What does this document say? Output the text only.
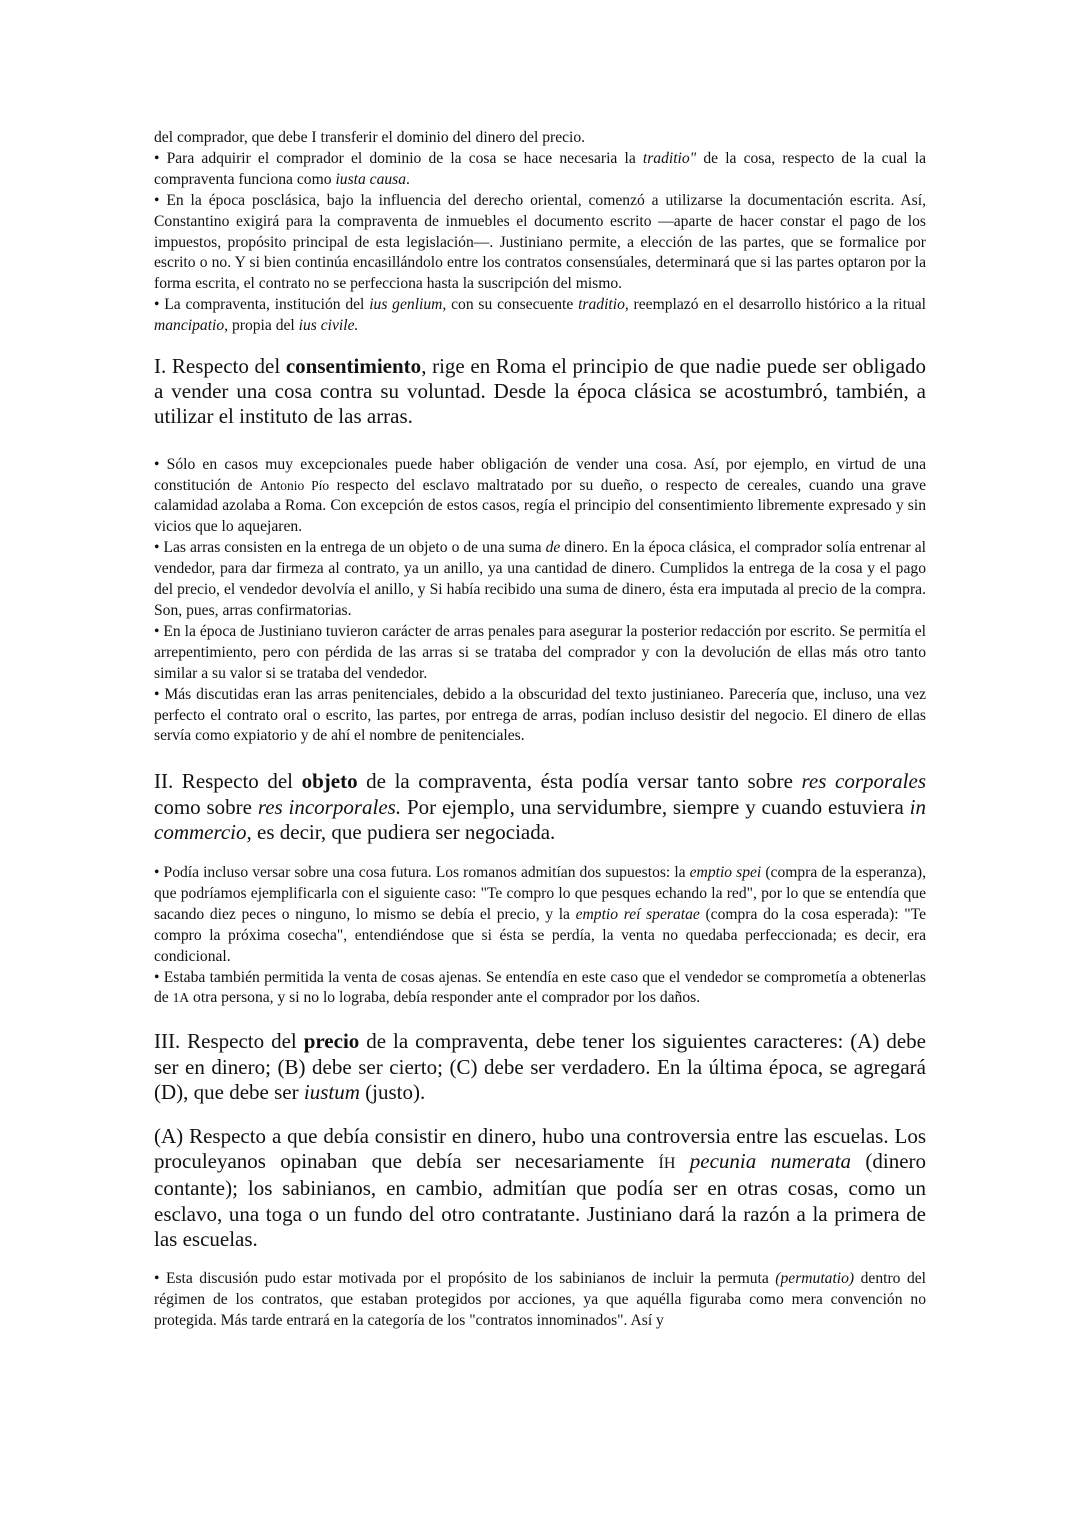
del comprador, que debe I transferir el dominio del dinero del precio.

• Para adquirir el comprador el dominio de la cosa se hace necesaria la traditio" de la cosa, respecto de la cual la compraventa funciona como iusta causa.

• En la época posclásica, bajo la influencia del derecho oriental, comenzó a utilizarse la documentación escrita. Así, Constantino exigirá para la compraventa de inmuebles el documento escrito —aparte de hacer constar el pago de los impuestos, propósito principal de esta legislación—. Justiniano permite, a elección de las partes, que se formalice por escrito o no. Y si bien continúa encasillándolo entre los contratos consensúales, determinará que si las partes optaron por la forma escrita, el contrato no se perfecciona hasta la suscripción del mismo.

• La compraventa, institución del ius genlium, con su consecuente traditio, reemplazó en el desarrollo histórico a la ritual mancipatio, propia del ius civile.

I. Respecto del consentimiento, rige en Roma el principio de que nadie puede ser obligado a vender una cosa contra su voluntad. Desde la época clásica se acostumbró, también, a utilizar el instituto de las arras.

• Sólo en casos muy excepcionales puede haber obligación de vender una cosa. Así, por ejemplo, en virtud de una constitución de Antonio Pío respecto del esclavo maltratado por su dueño, o respecto de cereales, cuando una grave calamidad azolaba a Roma. Con excepción de estos casos, regía el principio del consentimiento libremente expresado y sin vicios que lo aquejaren.

• Las arras consisten en la entrega de un objeto o de una suma de dinero. En la época clásica, el comprador solía entrenar al vendedor, para dar firmeza al contrato, ya un anillo, ya una cantidad de dinero. Cumplidos la entrega de la cosa y el pago del precio, el vendedor devolvía el anillo, y Si había recibido una suma de dinero, ésta era imputada al precio de la compra. Son, pues, arras confirmatorias.

• En la época de Justiniano tuvieron carácter de arras penales para asegurar la posterior redacción por escrito. Se permitía el arrepentimiento, pero con pérdida de las arras si se trataba del comprador y con la devolución de ellas más otro tanto similar a su valor si se trataba del vendedor.

• Más discutidas eran las arras penitenciales, debido a la obscuridad del texto justinianeo. Parecería que, incluso, una vez perfecto el contrato oral o escrito, las partes, por entrega de arras, podían incluso desistir del negocio. El dinero de ellas servía como expiatorio y de ahí el nombre de penitenciales.

II. Respecto del objeto de la compraventa, ésta podía versar tanto sobre res corporales como sobre res incorporales. Por ejemplo, una servidumbre, siempre y cuando estuviera in commercio, es decir, que pudiera ser negociada.

• Podía incluso versar sobre una cosa futura. Los romanos admitían dos supuestos: la emptio spei (compra de la esperanza), que podríamos ejemplificarla con el siguiente caso: "Te compro lo que pesques echando la red", por lo que se entendía que sacando diez peces o ninguno, lo mismo se debía el precio, y la emptio reí speratae (compra do la cosa esperada): "Te compro la próxima cosecha", entendiéndose que si ésta se perdía, la venta no quedaba perfeccionada; es decir, era condicional.

• Estaba también permitida la venta de cosas ajenas. Se entendía en este caso que el vendedor se comprometía a obtenerlas de 1A otra persona, y si no lo lograba, debía responder ante el comprador por los daños.

III. Respecto del precio de la compraventa, debe tener los siguientes caracteres: (A) debe ser en dinero; (B) debe ser cierto; (C) debe ser verdadero. En la última época, se agregará (D), que debe ser iustum (justo).

(A) Respecto a que debía consistir en dinero, hubo una controversia entre las escuelas. Los proculeyanos opinaban que debía ser necesariamente ÍH pecunia numerata (dinero contante); los sabinianos, en cambio, admitían que podía ser en otras cosas, como un esclavo, una toga o un fundo del otro contratante. Justiniano dará la razón a la primera de las escuelas.

• Esta discusión pudo estar motivada por el propósito de los sabinianos de incluir la permuta (permutatio) dentro del régimen de los contratos, que estaban protegidos por acciones, ya que aquélla figuraba como mera convención no protegida. Más tarde entrará en la categoría de los "contratos innominados". Así y
